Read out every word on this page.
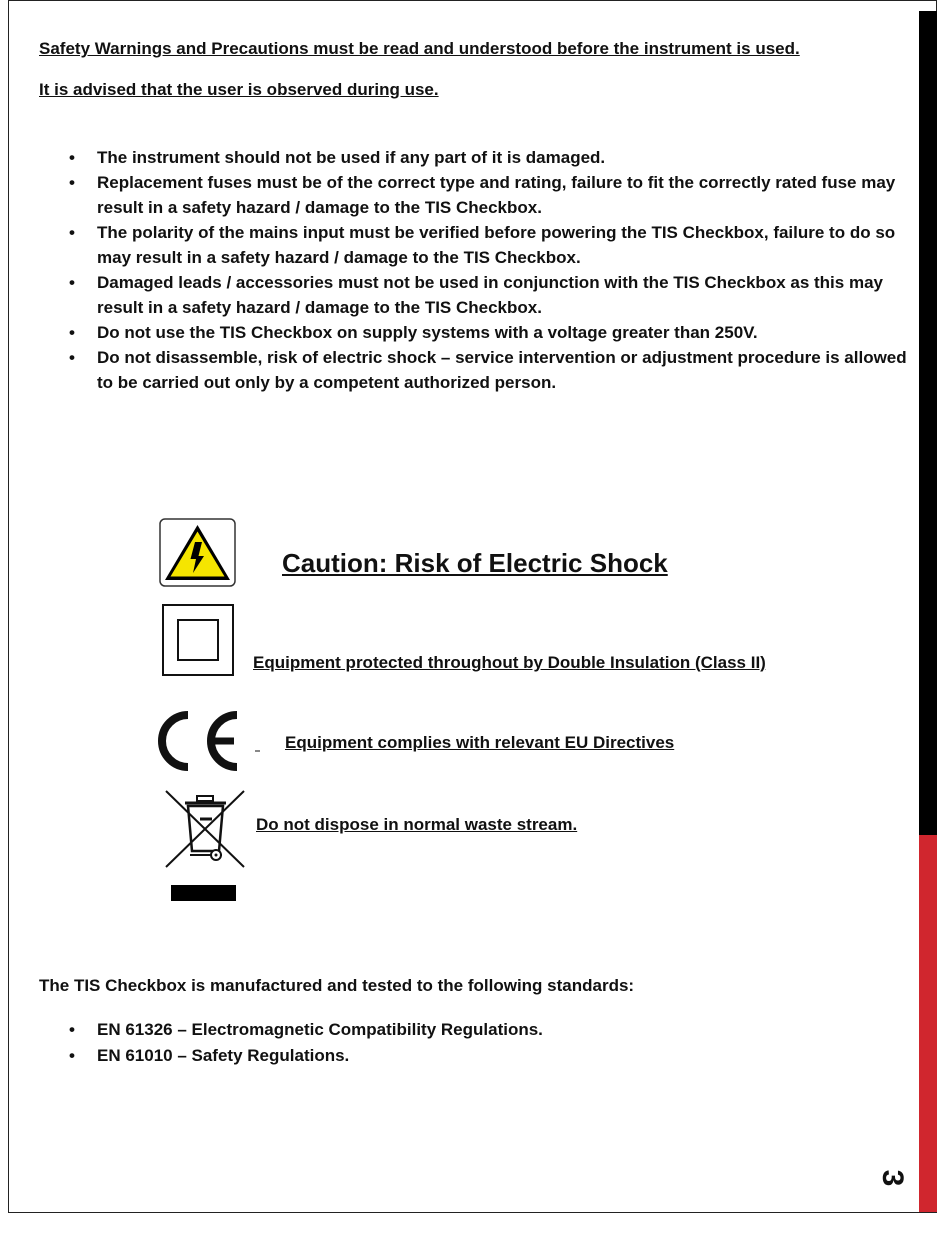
Safety Warnings and Precautions must be read and understood before the instrument is used.
It is advised that the user is observed during use.
• The instrument should not be used if any part of it is damaged.
• Replacement fuses must be of the correct type and rating, failure to fit the correctly rated fuse may result in a safety hazard / damage to the TIS Checkbox.
• The polarity of the mains input must be verified before powering the TIS Checkbox, failure to do so may result in a safety hazard / damage to the TIS Checkbox.
• Damaged leads / accessories must not be used in conjunction with the TIS Checkbox as this may result in a safety hazard / damage to the TIS Checkbox.
• Do not use the TIS Checkbox on supply systems with a voltage greater than 250V.
• Do not disassemble, risk of electric shock – service intervention or adjustment procedure is allowed to be carried out only by a competent authorized person.
Caution: Risk of Electric Shock
Equipment protected throughout by Double Insulation (Class II)
Equipment complies with relevant EU Directives
Do not dispose in normal waste stream.
The TIS Checkbox is manufactured and tested to the following standards:
• EN 61326 – Electromagnetic Compatibility Regulations.
• EN 61010 – Safety Regulations.
3
